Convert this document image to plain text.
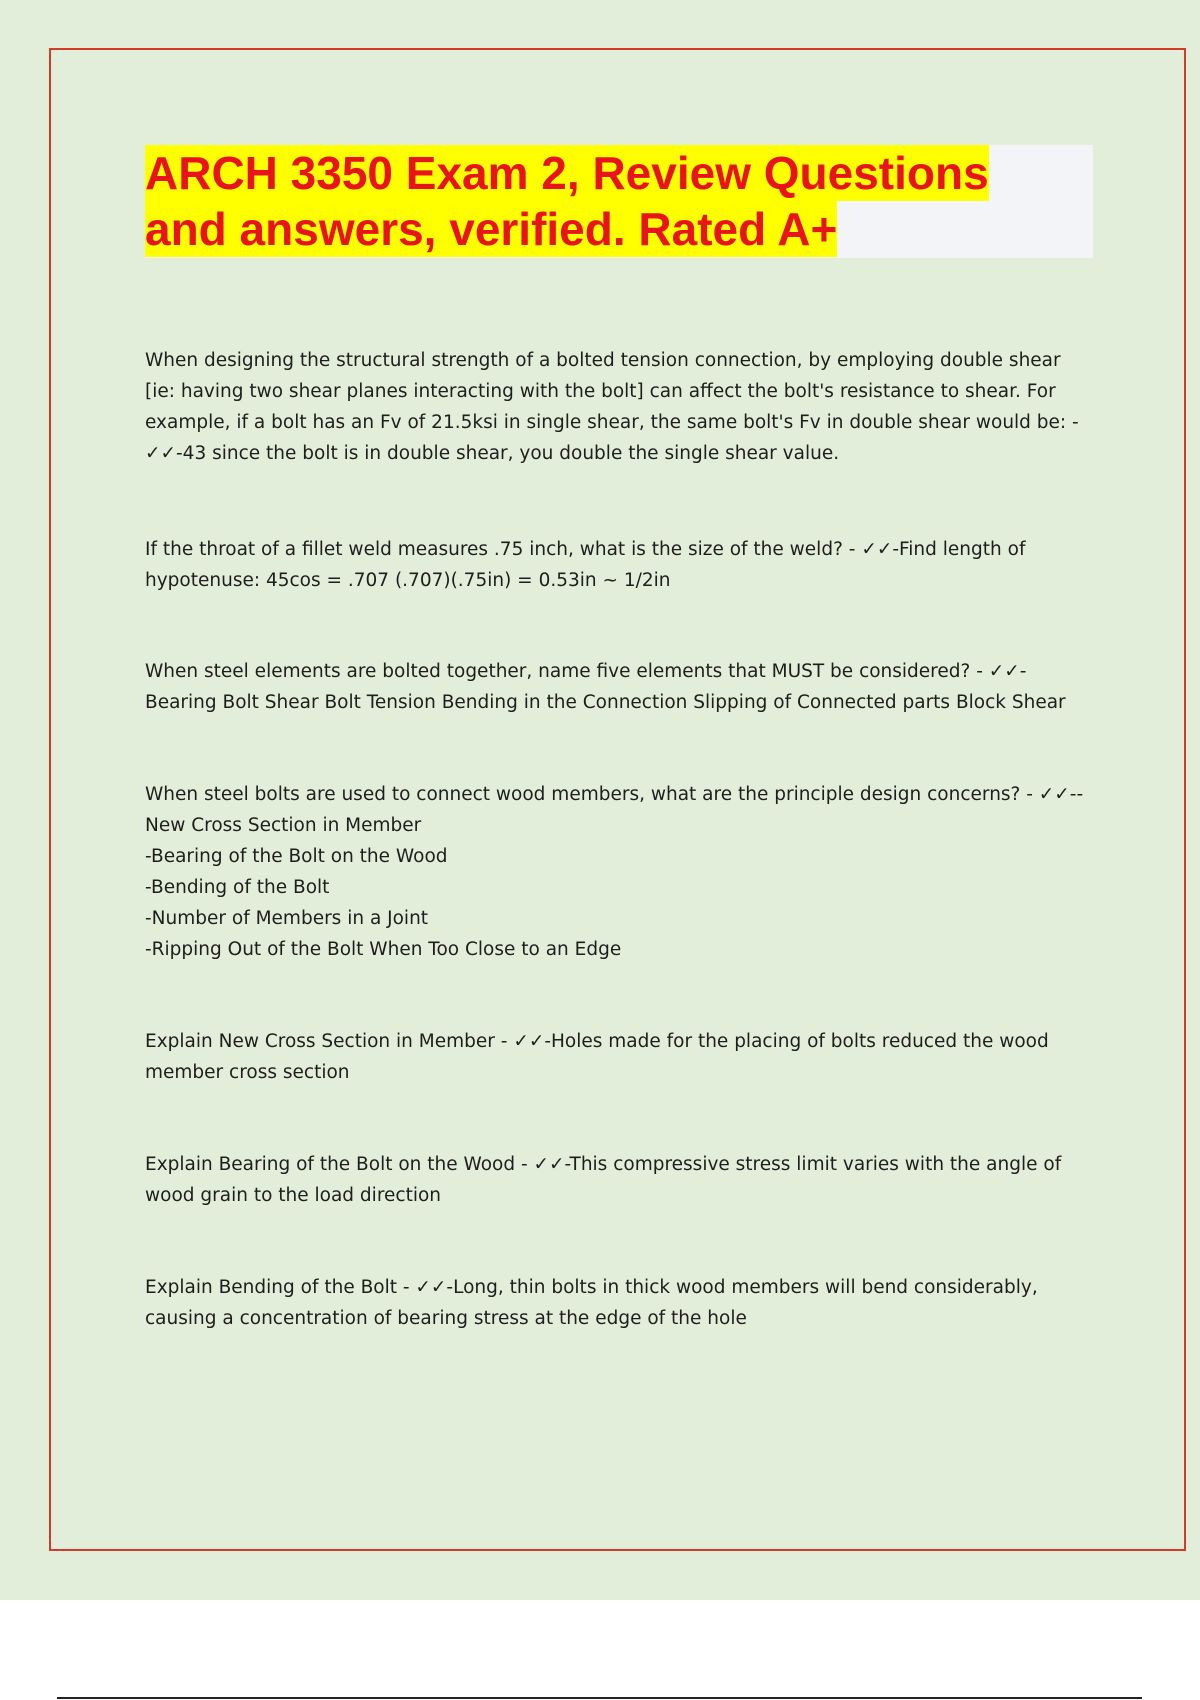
ARCH 3350 Exam 2, Review Questions
and answers, verified. Rated A+

When designing the structural strength of a bolted tension connection, by employing double shear [ie: having two shear planes interacting with the bolt] can affect the bolt's resistance to shear. For example, if a bolt has an Fv of 21.5ksi in single shear, the same bolt's Fv in double shear would be: - ✓✓-43 since the bolt is in double shear, you double the single shear value.

If the throat of a fillet weld measures .75 inch, what is the size of the weld? - ✓✓-Find length of hypotenuse: 45cos = .707 (.707)(.75in) = 0.53in ~ 1/2in

When steel elements are bolted together, name five elements that MUST be considered? - ✓✓-Bearing Bolt Shear Bolt Tension Bending in the Connection Slipping of Connected parts Block Shear

When steel bolts are used to connect wood members, what are the principle design concerns? - ✓✓--New Cross Section in Member

-Bearing of the Bolt on the Wood

-Bending of the Bolt

-Number of Members in a Joint

-Ripping Out of the Bolt When Too Close to an Edge

Explain New Cross Section in Member - ✓✓-Holes made for the placing of bolts reduced the wood member cross section

Explain Bearing of the Bolt on the Wood - ✓✓-This compressive stress limit varies with the angle of wood grain to the load direction

Explain Bending of the Bolt - ✓✓-Long, thin bolts in thick wood members will bend considerably, causing a concentration of bearing stress at the edge of the hole
